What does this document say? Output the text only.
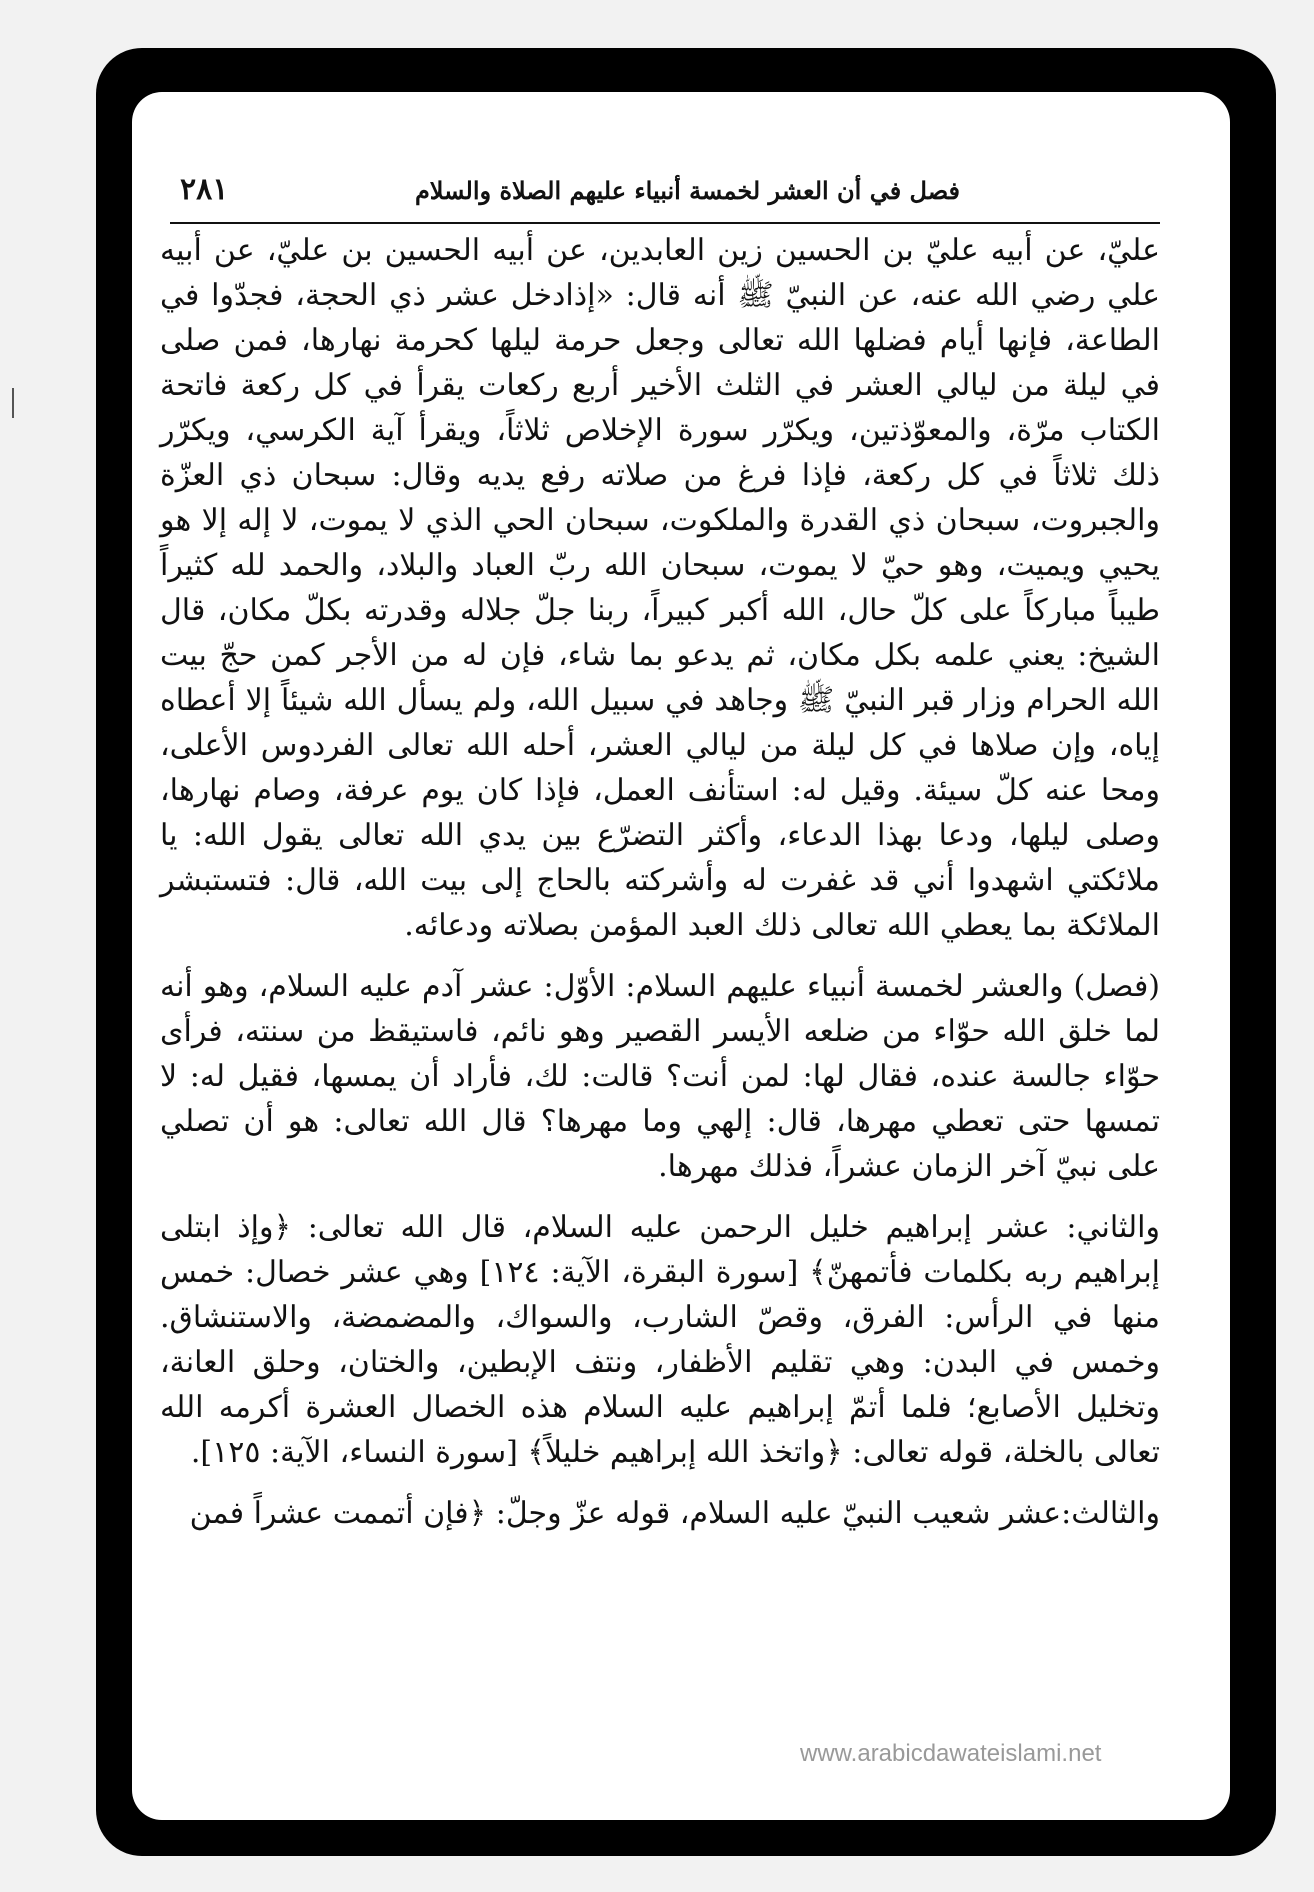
فصل في أن العشر لخمسة أنبياء عليهم الصلاة والسلام
٢٨١

عليّ، عن أبيه عليّ بن الحسين زين العابدين، عن أبيه الحسين بن عليّ، عن أبيه علي رضي الله عنه، عن النبيّ ﷺ أنه قال: «إذادخل عشر ذي الحجة، فجدّوا في الطاعة، فإنها أيام فضلها الله تعالى وجعل حرمة ليلها كحرمة نهارها، فمن صلى في ليلة من ليالي العشر في الثلث الأخير أربع ركعات يقرأ في كل ركعة فاتحة الكتاب مرّة، والمعوّذتين، ويكرّر سورة الإخلاص ثلاثاً، ويقرأ آية الكرسي، ويكرّر ذلك ثلاثاً في كل ركعة، فإذا فرغ من صلاته رفع يديه وقال: سبحان ذي العزّة والجبروت، سبحان ذي القدرة والملكوت، سبحان الحي الذي لا يموت، لا إله إلا هو يحيي ويميت، وهو حيّ لا يموت، سبحان الله ربّ العباد والبلاد، والحمد لله كثيراً طيباً مباركاً على كلّ حال، الله أكبر كبيراً، ربنا جلّ جلاله وقدرته بكلّ مكان، قال الشيخ: يعني علمه بكل مكان، ثم يدعو بما شاء، فإن له من الأجر كمن حجّ بيت الله الحرام وزار قبر النبيّ ﷺ وجاهد في سبيل الله، ولم يسأل الله شيئاً إلا أعطاه إياه، وإن صلاها في كل ليلة من ليالي العشر، أحله الله تعالى الفردوس الأعلى، ومحا عنه كلّ سيئة. وقيل له: استأنف العمل، فإذا كان يوم عرفة، وصام نهارها، وصلى ليلها، ودعا بهذا الدعاء، وأكثر التضرّع بين يدي الله تعالى يقول الله: يا ملائكتي اشهدوا أني قد غفرت له وأشركته بالحاج إلى بيت الله، قال: فتستبشر الملائكة بما يعطي الله تعالى ذلك العبد المؤمن بصلاته ودعائه.

(فصل) والعشر لخمسة أنبياء عليهم السلام: الأوّل: عشر آدم عليه السلام، وهو أنه لما خلق الله حوّاء من ضلعه الأيسر القصير وهو نائم، فاستيقظ من سنته، فرأى حوّاء جالسة عنده، فقال لها: لمن أنت؟ قالت: لك، فأراد أن يمسها، فقيل له: لا تمسها حتى تعطي مهرها، قال: إلهي وما مهرها؟ قال الله تعالى: هو أن تصلي على نبيّ آخر الزمان عشراً، فذلك مهرها.

والثاني: عشر إبراهيم خليل الرحمن عليه السلام، قال الله تعالى: ﴿وإذ ابتلى إبراهيم ربه بكلمات فأتمهنّ﴾ [سورة البقرة، الآية: ١٢٤] وهي عشر خصال: خمس منها في الرأس: الفرق، وقصّ الشارب، والسواك، والمضمضة، والاستنشاق. وخمس في البدن: وهي تقليم الأظفار، ونتف الإبطين، والختان، وحلق العانة، وتخليل الأصابع؛ فلما أتمّ إبراهيم عليه السلام هذه الخصال العشرة أكرمه الله تعالى بالخلة، قوله تعالى: ﴿واتخذ الله إبراهيم خليلاً﴾ [سورة النساء، الآية: ١٢٥].

والثالث:عشر شعيب النبيّ عليه السلام، قوله عزّ وجلّ: ﴿فإن أتممت عشراً فمن

www.arabicdawateislami.net
